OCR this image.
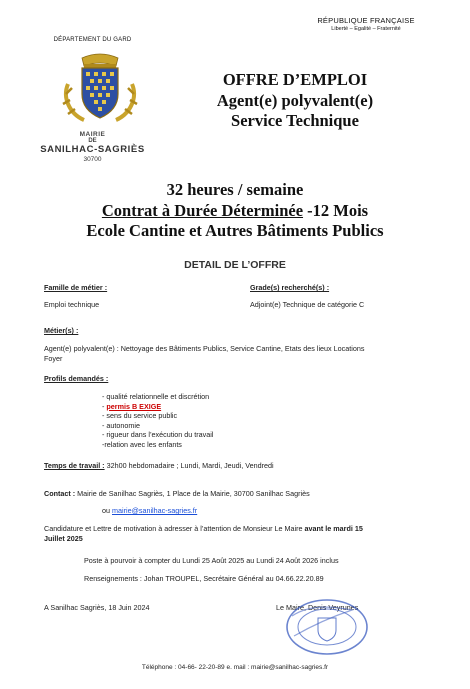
RÉPUBLIQUE FRANÇAISE
Liberté – Egalité – Fraternité
DÉPARTEMENT DU GARD
MAIRIE
DE
SANILHAC-SAGRIÈS
30700
OFFRE D’EMPLOI
Agent(e) polyvalent(e)
Service Technique
32 heures / semaine
Contrat à Durée Déterminée -12 Mois
Ecole Cantine et Autres Bâtiments Publics
DETAIL DE L’OFFRE
Famille de métier :
Emploi technique
Grade(s) recherché(s) :
Adjoint(e) Technique de catégorie C
Métier(s) :
Agent(e) polyvalent(e) : Nettoyage des Bâtiments Publics, Service Cantine, Etats des lieux Locations
Foyer
Profils demandés :
- qualité relationnelle et discrétion
- permis B EXIGE
- sens du service public
- autonomie
- rigueur dans l’exécution du travail
-relation avec les enfants
Temps de travail : 32h00 hebdomadaire ; Lundi, Mardi, Jeudi, Vendredi
Contact : Mairie de Sanilhac Sagriès, 1 Place de la Mairie, 30700 Sanilhac Sagriès
ou mairie@sanilhac-sagries.fr
Candidature et Lettre de motivation à adresser à l’attention de Monsieur Le Maire avant le mardi 15
Juillet 2025
Poste à pourvoir à compter du Lundi 25 Août 2025 au Lundi 24 Août 2026 inclus
Renseignements : Johan TROUPEL, Secrétaire Général au 04.66.22.20.89
A Sanilhac Sagriès, 18 Juin 2024	Le Maire, Denis Veyrunes
Téléphone : 04-66- 22-20-89 e. mail : mairie@sanilhac-sagries.fr
